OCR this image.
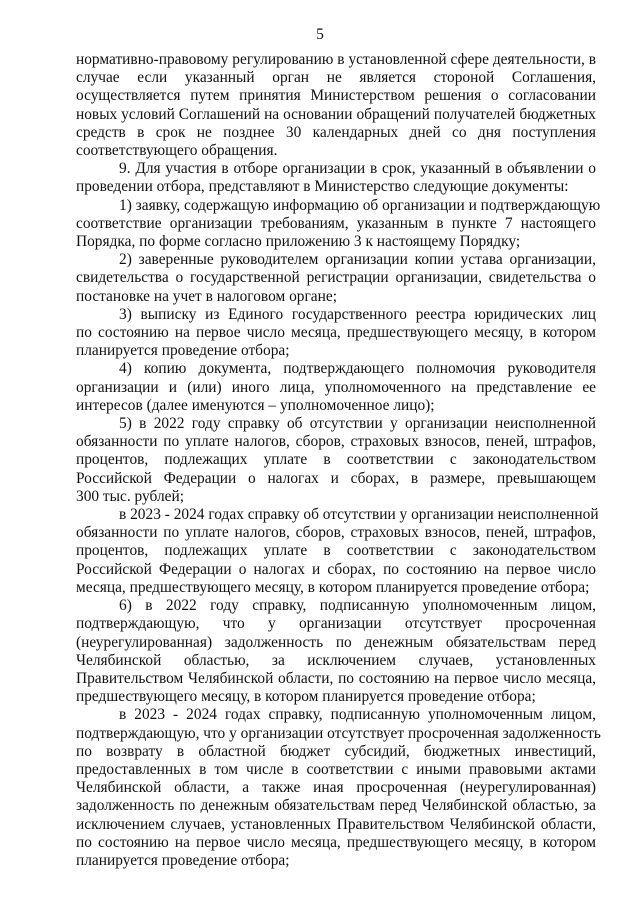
5
нормативно-правовому регулированию в установленной сфере деятельности, в
случае если указанный орган не является стороной Соглашения,
осуществляется путем принятия Министерством решения о согласовании
новых условий Соглашений на основании обращений получателей бюджетных
средств в срок не позднее 30 календарных дней со дня поступления
соответствующего обращения.
9. Для участия в отборе организации в срок, указанный в объявлении о
проведении отбора, представляют в Министерство следующие документы:
1) заявку, содержащую информацию об организации и подтверждающую
соответствие организации требованиям, указанным в пункте 7 настоящего
Порядка, по форме согласно приложению 3 к настоящему Порядку;
2) заверенные руководителем организации копии устава организации,
свидетельства о государственной регистрации организации, свидетельства о
постановке на учет в налоговом органе;
3) выписку из Единого государственного реестра юридических лиц
по состоянию на первое число месяца, предшествующего месяцу, в котором
планируется проведение отбора;
4) копию документа, подтверждающего полномочия руководителя
организации и (или) иного лица, уполномоченного на представление ее
интересов (далее именуются – уполномоченное лицо);
5) в 2022 году справку об отсутствии у организации неисполненной
обязанности по уплате налогов, сборов, страховых взносов, пеней, штрафов,
процентов, подлежащих уплате в соответствии с законодательством
Российской Федерации о налогах и сборах, в размере, превышающем
300 тыс. рублей;
в 2023 - 2024 годах справку об отсутствии у организации неисполненной
обязанности по уплате налогов, сборов, страховых взносов, пеней, штрафов,
процентов, подлежащих уплате в соответствии с законодательством
Российской Федерации о налогах и сборах, по состоянию на первое число
месяца, предшествующего месяцу, в котором планируется проведение отбора;
6) в 2022 году справку, подписанную уполномоченным лицом,
подтверждающую, что у организации отсутствует просроченная
(неурегулированная) задолженность по денежным обязательствам перед
Челябинской областью, за исключением случаев, установленных
Правительством Челябинской области, по состоянию на первое число месяца,
предшествующего месяцу, в котором планируется проведение отбора;
в 2023 - 2024 годах справку, подписанную уполномоченным лицом,
подтверждающую, что у организации отсутствует просроченная задолженность
по возврату в областной бюджет субсидий, бюджетных инвестиций,
предоставленных в том числе в соответствии с иными правовыми актами
Челябинской области, а также иная просроченная (неурегулированная)
задолженность по денежным обязательствам перед Челябинской областью, за
исключением случаев, установленных Правительством Челябинской области,
по состоянию на первое число месяца, предшествующего месяцу, в котором
планируется проведение отбора;
